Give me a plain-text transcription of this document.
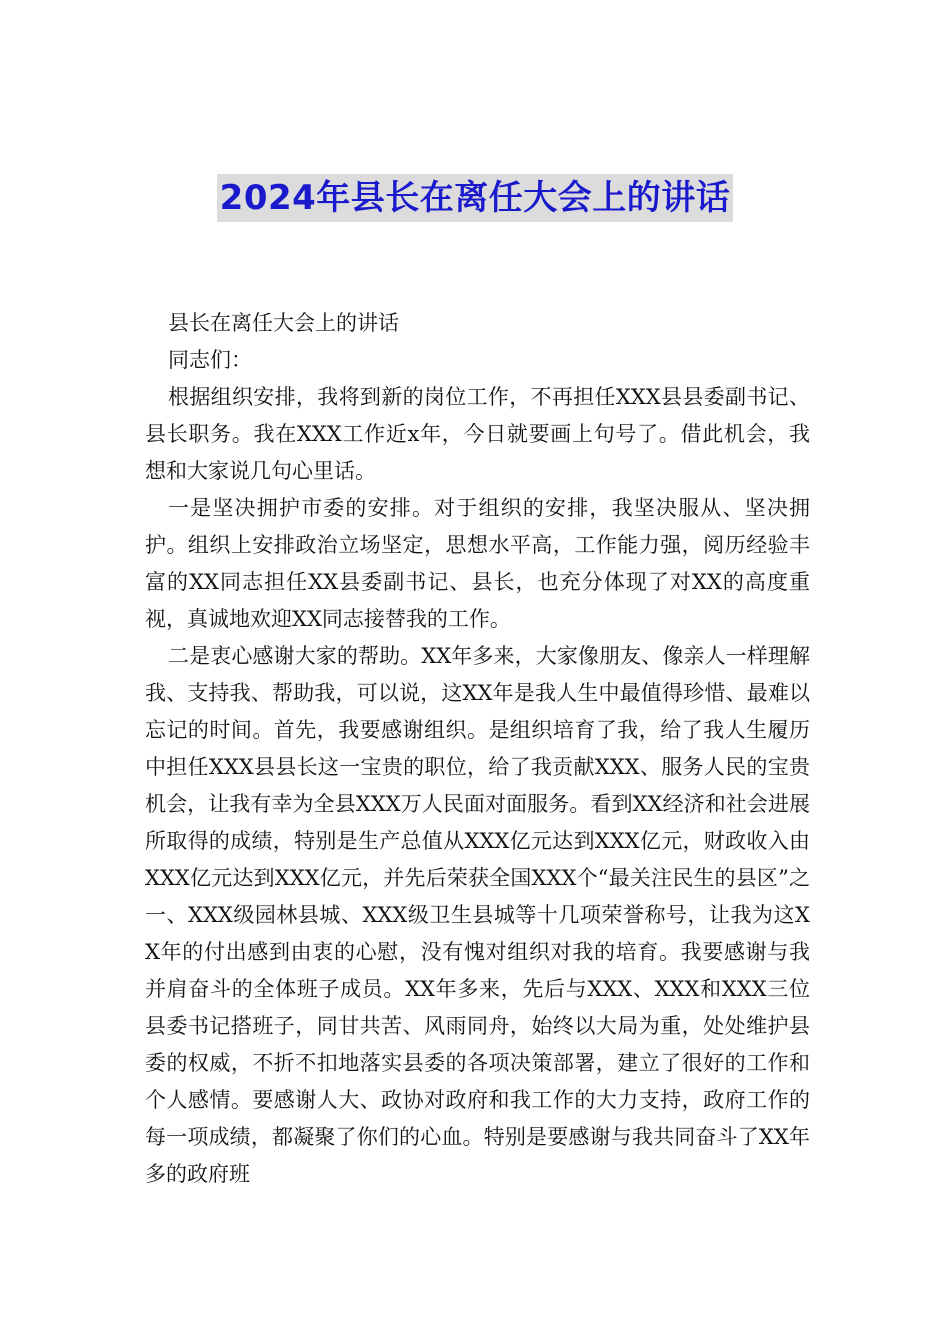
2024年县长在离任大会上的讲话

县长在离任大会上的讲话

同志们：

根据组织安排，我将到新的岗位工作，不再担任XXX县县委副书记、县长职务。我在XXX工作近x年，今日就要画上句号了。借此机会，我想和大家说几句心里话。

一是坚决拥护市委的安排。对于组织的安排，我坚决服从、坚决拥护。组织上安排政治立场坚定，思想水平高，工作能力强，阅历经验丰富的XX同志担任XX县委副书记、县长，也充分体现了对XX的高度重视，真诚地欢迎XX同志接替我的工作。

二是衷心感谢大家的帮助。XX年多来，大家像朋友、像亲人一样理解我、支持我、帮助我，可以说，这XX年是我人生中最值得珍惜、最难以忘记的时间。首先，我要感谢组织。是组织培育了我，给了我人生履历中担任XXX县县长这一宝贵的职位，给了我贡献XXX、服务人民的宝贵机会，让我有幸为全县XXX万人民面对面服务。看到XX经济和社会进展所取得的成绩，特别是生产总值从XXX亿元达到XXX亿元，财政收入由XXX亿元达到XXX亿元，并先后荣获全国XXX个“最关注民生的县区”之一、XXX级园林县城、XXX级卫生县城等十几项荣誉称号，让我为这XX年的付出感到由衷的心慰，没有愧对组织对我的培育。我要感谢与我并肩奋斗的全体班子成员。XX年多来，先后与XXX、XXX和XXX三位县委书记搭班子，同甘共苦、风雨同舟，始终以大局为重，处处维护县委的权威，不折不扣地落实县委的各项决策部署，建立了很好的工作和个人感情。要感谢人大、政协对政府和我工作的大力支持，政府工作的每一项成绩，都凝聚了你们的心血。特别是要感谢与我共同奋斗了XX年多的政府班
